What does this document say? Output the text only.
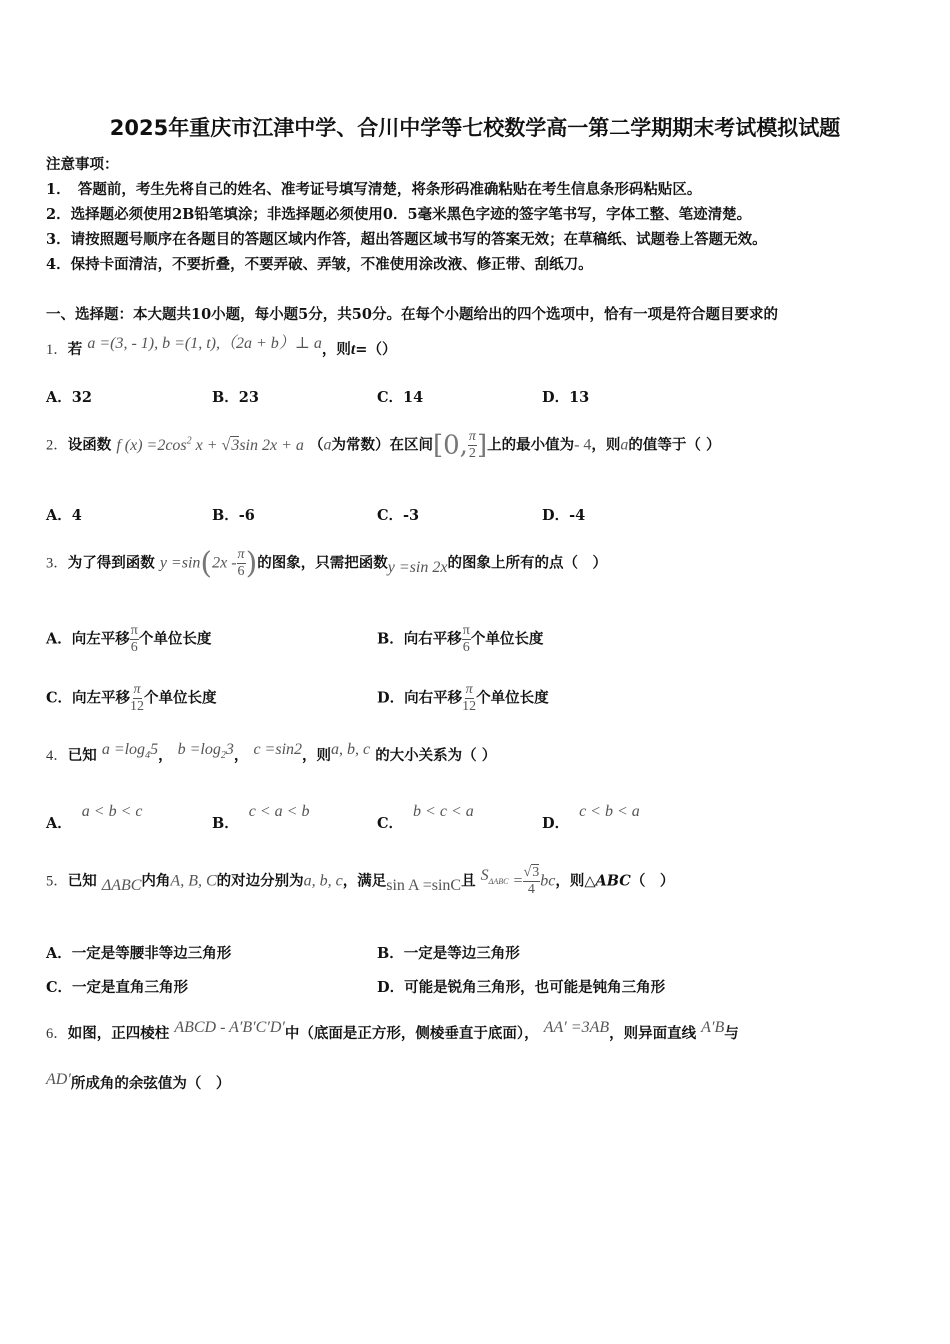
2025年重庆市江津中学、合川中学等七校数学高一第二学期期末考试模拟试题
注意事项：
1．　答题前，考生先将自己的姓名、准考证号填写清楚，将条形码准确粘贴在考生信息条形码粘贴区。
2．选择题必须使用2B铅笔填涂；非选择题必须使用0．5毫米黑色字迹的签字笔书写，字体工整、笔迹清楚。
3．请按照题号顺序在各题目的答题区域内作答，超出答题区域书写的答案无效；在草稿纸、试题卷上答题无效。
4．保持卡面清洁，不要折叠，不要弄破、弄皱，不准使用涂改液、修正带、刮纸刀。
一、选择题：本大题共10小题，每小题5分，共50分。在每个小题给出的四个选项中，恰有一项是符合题目要求的
1．若 a =(3, - 1), b =(1, t),（2a + b）⊥ a，则t=（）
A．32	B．23	C．14	D．13
2．设函数 f $(x) =2\cos^2$ x + √3sin 2x + a （a为常数）在区间[0, $\frac{\pi}{2}$ ]上的最小值为- 4，则a的值等于（ ）
A．4	B．-6	C．-3	D．-4
3．为了得到函数 $y =\sin(2x - \frac{\pi}{6}$ )的图象，只需把函数y =sin 2x的图象上所有的点（　）
A．向左平移 $\frac{\pi}{6}$ 个单位长度	B．向右平移 $\frac{\pi}{6}$ 个单位长度
C．向左平移 $\frac{\pi}{12}$ 个单位长度	D．向右平移 $\frac{\pi}{12}$ 个单位长度
4．已知 $a =\log_45$， $b =\log_23$， c =sin2，则a, b, c 的大小关系为（ ）
A．a < b < c
B．c < a < b
C．b < c < a
D．c < b < a
5．已知 ΔABC内角A, B, C的对边分别为a, b, c，满足sin A =sinC且 $S_{\Delta ABC} = \frac{√3}{4}$ bc，则△ABC（　）
A．一定是等腰非等边三角形	B．一定是等边三角形
C．一定是直角三角形	D．可能是锐角三角形，也可能是钝角三角形
6．如图，正四棱柱 ABCD - A′B′C′D′中（底面是正方形，侧棱垂直于底面）， AA′ =3AB，则异面直线 A′B与
AD′所成角的余弦值为（　）
